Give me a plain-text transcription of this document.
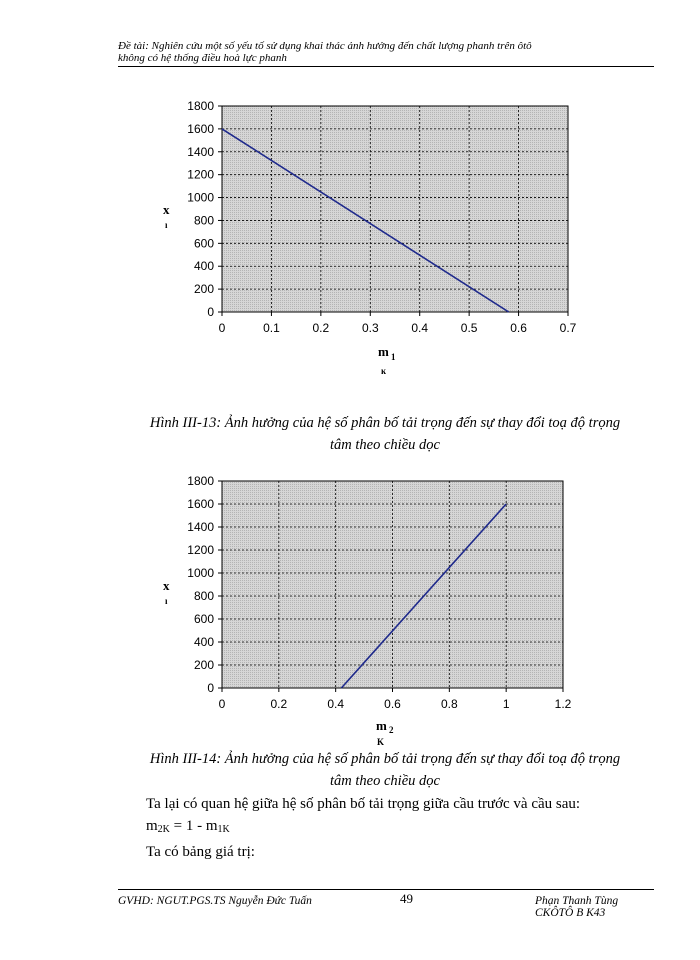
Đề tài: Nghiên cứu một số yếu tố sử dụng khai thác ảnh hưởng đến chất lượng phanh trên ôtô
không có hệ thống điều hoà lực phanh
0
200
400
600
800
1000
1200
1400
1600
1800
0	0.1	0.2	0.3	0.4	0.5	0.6	0.7
x
ı
m 1
ĸ
Hình III-13: Ảnh hưởng của hệ số phân bố tải trọng đến sự thay đổi toạ độ trọng
tâm theo chiều dọc
0
200
400
600
800
1000
1200
1400
1600
1800
0	0.2	0.4	0.6	0.8	1	1.2
x
ı
m 2
K
Hình III-14: Ảnh hưởng của hệ số phân bố tải trọng đến sự thay đổi toạ độ trọng
tâm theo chiều dọc
Ta lại có quan hệ giữa hệ số phân bố tải trọng giữa cầu trước và cầu sau:
$m_{2K} = 1 - m_{1K}$
Ta có bảng giá trị:
GVHD: NGUT.PGS.TS Nguyễn Đức Tuấn	49	Phạn Thanh Tùng
CKÔTÔ B K43
